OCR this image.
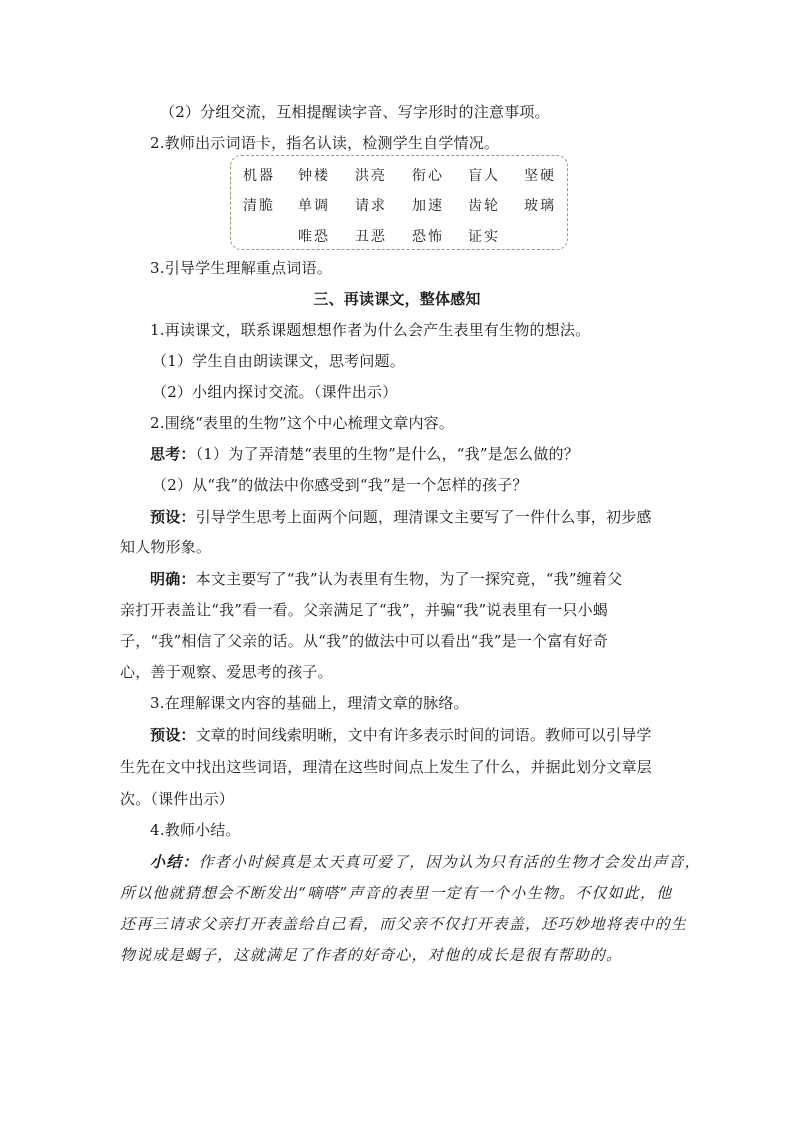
（2）分组交流，互相提醒读字音、写字形时的注意事项。

2.教师出示词语卡，指名认读，检测学生自学情况。

机器 钟楼 洪亮 衔心 盲人 坚硬
清脆 单调 请求 加速 齿轮 玻璃
唯恐 丑恶 恐怖 证实

3.引导学生理解重点词语。

三、再读课文，整体感知

1.再读课文，联系课题想想作者为什么会产生表里有生物的想法。

（1）学生自由朗读课文，思考问题。

（2）小组内探讨交流。（课件出示）

2.围绕“表里的生物”这个中心梳理文章内容。

思考：（1）为了弄清楚“表里的生物”是什么，“我”是怎么做的？

（2）从“我”的做法中你感受到“我”是一个怎样的孩子？

预设：引导学生思考上面两个问题，理清课文主要写了一件什么事，初步感

知人物形象。

明确：本文主要写了“我”认为表里有生物，为了一探究竟，“我”缠着父

亲打开表盖让“我”看一看。父亲满足了“我”，并骗“我”说表里有一只小蝎

子，“我”相信了父亲的话。从“我”的做法中可以看出“我”是一个富有好奇

心，善于观察、爱思考的孩子。

3.在理解课文内容的基础上，理清文章的脉络。

预设：文章的时间线索明晰，文中有许多表示时间的词语。教师可以引导学

生先在文中找出这些词语，理清在这些时间点上发生了什么，并据此划分文章层

次。（课件出示）

4.教师小结。

小结：作者小时候真是太天真可爱了，因为认为只有活的生物才会发出声音，

所以他就猜想会不断发出“嘀嗒”声音的表里一定有一个小生物。不仅如此，他

还再三请求父亲打开表盖给自己看，而父亲不仅打开表盖，还巧妙地将表中的生

物说成是蝎子，这就满足了作者的好奇心，对他的成长是很有帮助的。
